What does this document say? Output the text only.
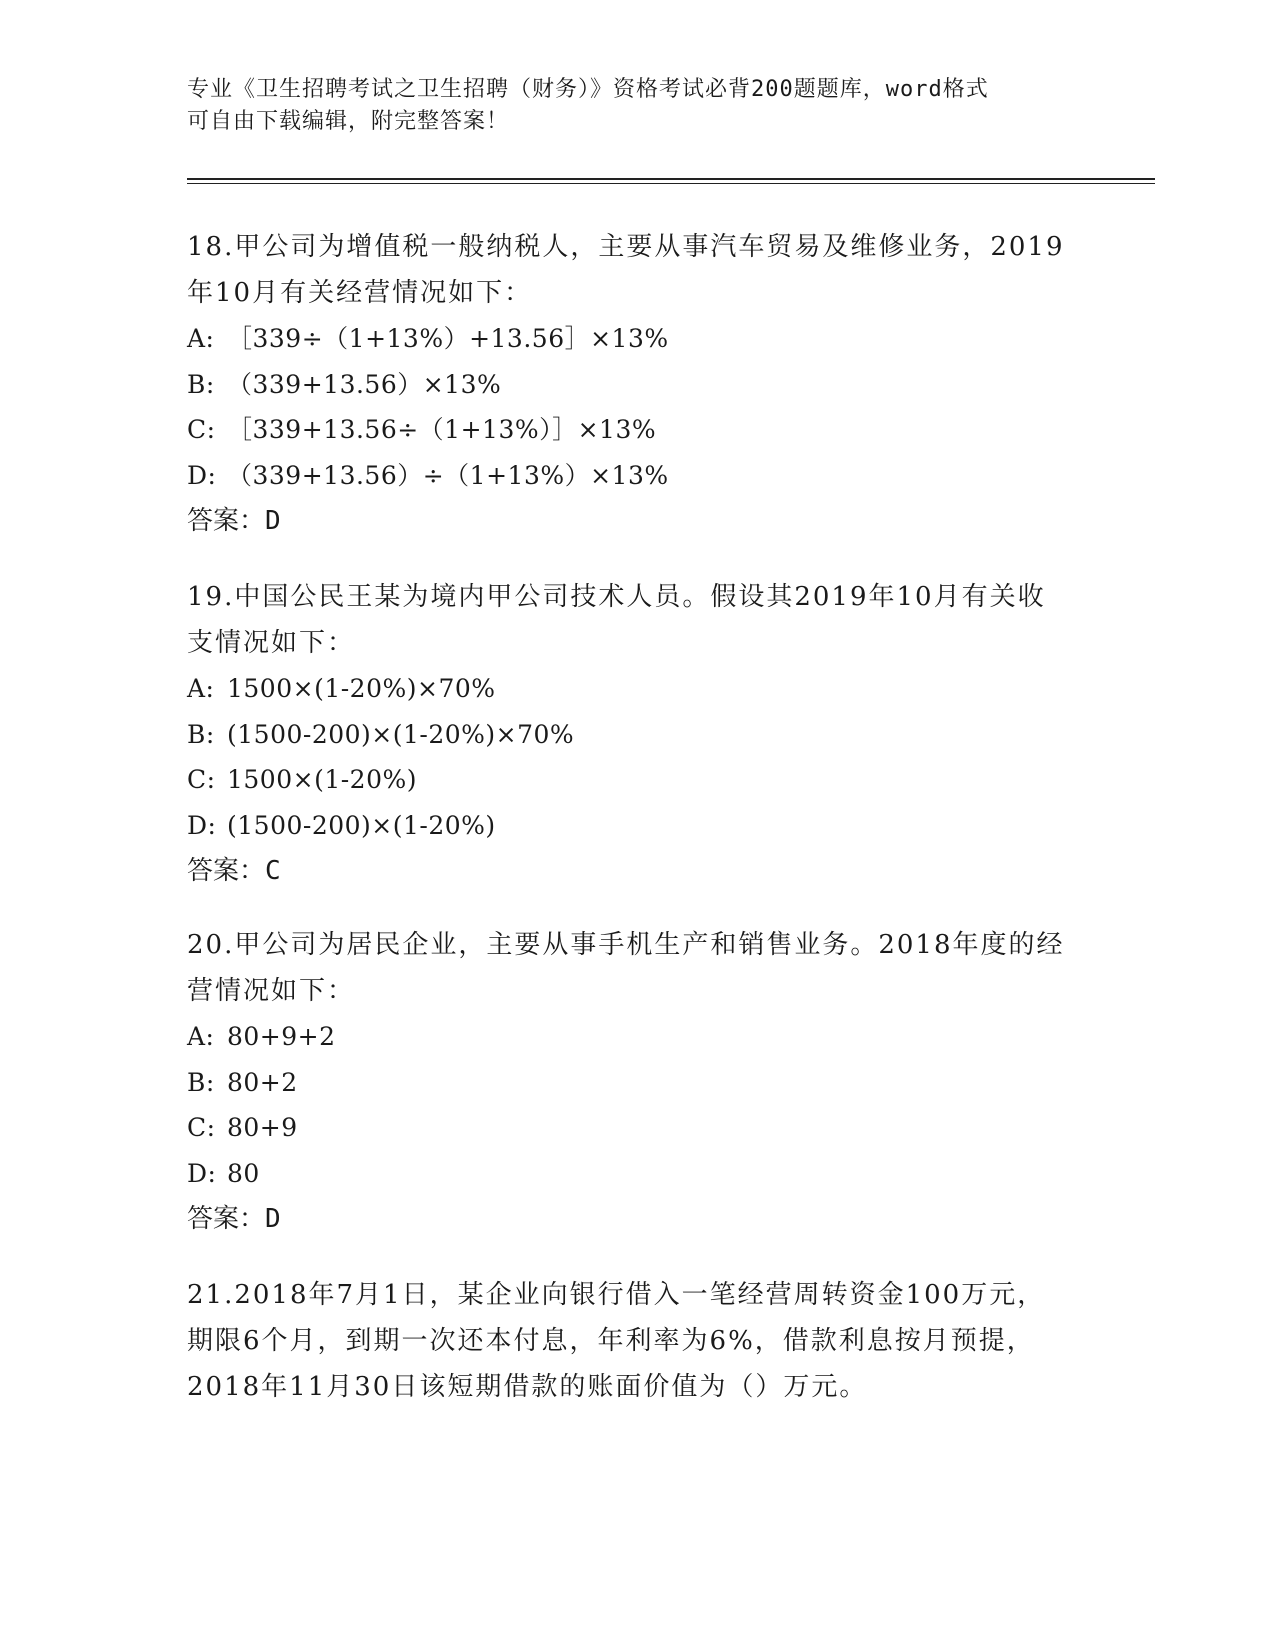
专业《卫生招聘考试之卫生招聘（财务）》资格考试必背200题题库，word格式
可自由下载编辑，附完整答案！
18.甲公司为增值税一般纳税人，主要从事汽车贸易及维修业务，2019
年10月有关经营情况如下：
A: ［339÷（1+13%）+13.56］×13%
B: （339+13.56）×13%
C: ［339+13.56÷（1+13%）］×13%
D: （339+13.56）÷（1+13%）×13%
答案：D
19.中国公民王某为境内甲公司技术人员。假设其2019年10月有关收
支情况如下：
A: 1500×(1-20%)×70%
B: (1500-200)×(1-20%)×70%
C: 1500×(1-20%)
D: (1500-200)×(1-20%)
答案：C
20.甲公司为居民企业，主要从事手机生产和销售业务。2018年度的经
营情况如下：
A: 80+9+2
B: 80+2
C: 80+9
D: 80
答案：D
21.2018年7月1日，某企业向银行借入一笔经营周转资金100万元，
期限6个月，到期一次还本付息，年利率为6%，借款利息按月预提，
2018年11月30日该短期借款的账面价值为（）万元。
